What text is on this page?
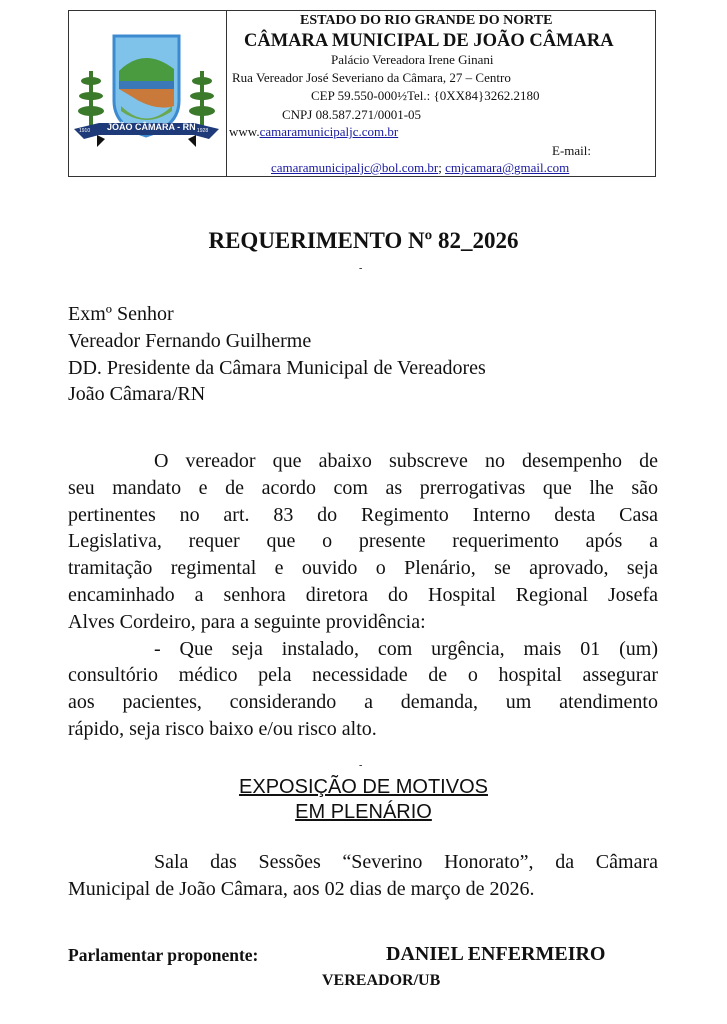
JOÃO CÂMARA - RN
1910	1928
ESTADO DO RIO GRANDE DO NORTE
CÂMARA MUNICIPAL DE JOÃO CÂMARA
Palácio Vereadora Irene Ginani
Rua Vereador José Severiano da Câmara, 27 – Centro
CEP 59.550-000½Tel.: {0XX84}3262.2180
CNPJ 08.587.271/0001-05
www.camaramunicipaljc.com.br
E-mail:
camaramunicipaljc@bol.com.br; cmjcamara@gmail.com
REQUERIMENTO Nº 82_2026
-
Exmº Senhor
Vereador Fernando Guilherme
DD. Presidente da Câmara Municipal de Vereadores
João Câmara/RN
O vereador que abaixo subscreve no desempenho de
seu mandato e de acordo com as prerrogativas que lhe são
pertinentes no art. 83 do Regimento Interno desta Casa
Legislativa, requer que o presente requerimento após a
tramitação regimental e ouvido o Plenário, se aprovado, seja
encaminhado a senhora diretora do Hospital Regional Josefa
Alves Cordeiro, para a seguinte providência:
- Que seja instalado, com urgência, mais 01 (um)
consultório médico pela necessidade de o hospital assegurar
aos pacientes, considerando a demanda, um atendimento
rápido, seja risco baixo e/ou risco alto.
-
EXPOSIÇÃO DE MOTIVOS
EM PLENÁRIO
Sala das Sessões “Severino Honorato”, da Câmara
Municipal de João Câmara, aos 02 dias de março de 2026.
Parlamentar proponente:	DANIEL ENFERMEIRO
VEREADOR/UB
